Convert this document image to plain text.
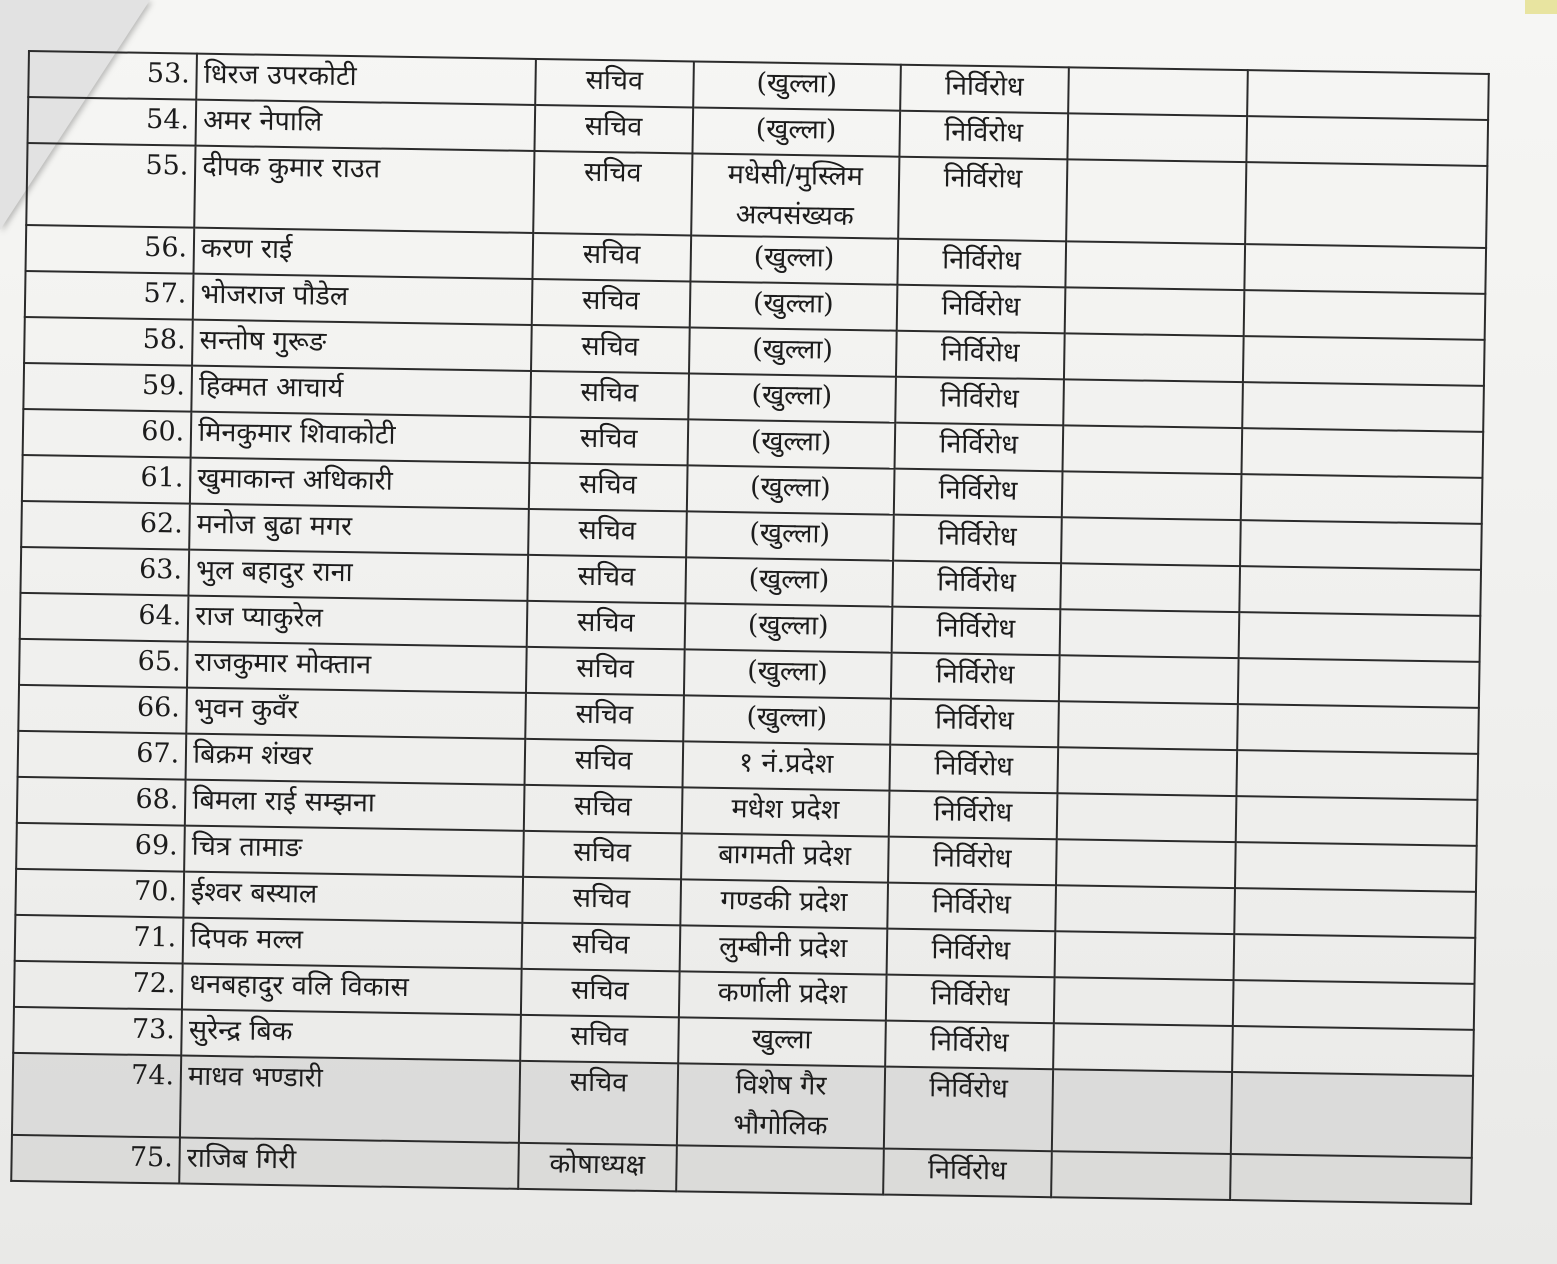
53.	धिरज उपरकोटी	सचिव	(खुल्ला)	निर्विरोध		
54.	अमर नेपालि	सचिव	(खुल्ला)	निर्विरोध		
55.	दीपक कुमार राउत	सचिव	मधेसी/मुस्लिम अल्पसंख्यक	निर्विरोध		
56.	करण राई	सचिव	(खुल्ला)	निर्विरोध		
57.	भोजराज पौडेल	सचिव	(खुल्ला)	निर्विरोध		
58.	सन्तोष गुरूङ	सचिव	(खुल्ला)	निर्विरोध		
59.	हिक्मत आचार्य	सचिव	(खुल्ला)	निर्विरोध		
60.	मिनकुमार शिवाकोटी	सचिव	(खुल्ला)	निर्विरोध		
61.	खुमाकान्त अधिकारी	सचिव	(खुल्ला)	निर्विरोध		
62.	मनोज बुढा मगर	सचिव	(खुल्ला)	निर्विरोध		
63.	भुल बहादुर राना	सचिव	(खुल्ला)	निर्विरोध		
64.	राज प्याकुरेल	सचिव	(खुल्ला)	निर्विरोध		
65.	राजकुमार मोक्तान	सचिव	(खुल्ला)	निर्विरोध		
66.	भुवन कुवँर	सचिव	(खुल्ला)	निर्विरोध		
67.	बिक्रम शंखर	सचिव	१ नं.प्रदेश	निर्विरोध		
68.	बिमला राई सम्झना	सचिव	मधेश प्रदेश	निर्विरोध		
69.	चित्र तामाङ	सचिव	बागमती प्रदेश	निर्विरोध		
70.	ईश्वर बस्याल	सचिव	गण्डकी प्रदेश	निर्विरोध		
71.	दिपक मल्ल	सचिव	लुम्बीनी प्रदेश	निर्विरोध		
72.	धनबहादुर वलि विकास	सचिव	कर्णाली प्रदेश	निर्विरोध		
73.	सुरेन्द्र बिक	सचिव	खुल्ला	निर्विरोध		
74.	माधव भण्डारी	सचिव	विशेष गैर भौगोलिक	निर्विरोध		
75.	राजिब गिरी	कोषाध्यक्ष		निर्विरोध		
